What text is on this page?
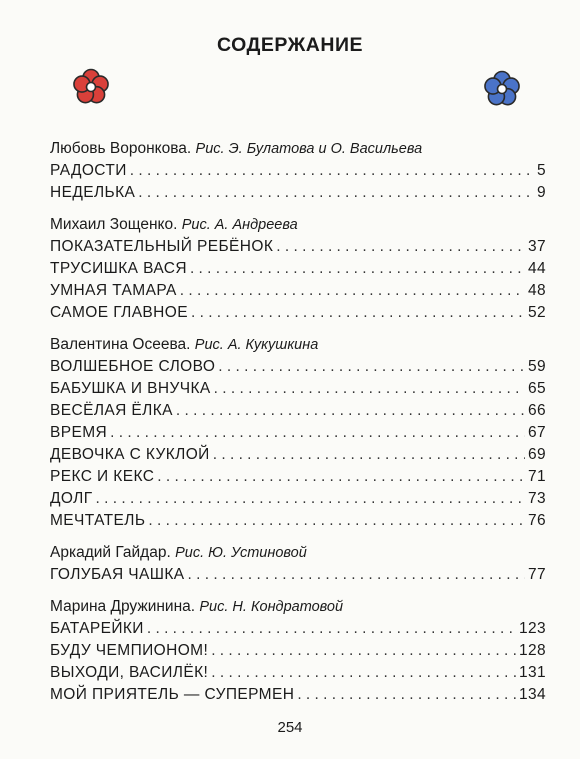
СОДЕРЖАНИЕ
Любовь Воронкова. Рис. Э. Булатова и О. Васильева
РАДОСТИ . . .	5
НЕДЕЛЬКА . . .	9
Михаил Зощенко. Рис. А. Андреева
ПОКАЗАТЕЛЬНЫЙ РЕБЁНОК . . .	37
ТРУСИШКА ВАСЯ . . .	44
УМНАЯ ТАМАРА . . .	48
САМОЕ ГЛАВНОЕ . . .	52
Валентина Осеева. Рис. А. Кукушкина
ВОЛШЕБНОЕ СЛОВО . . .	59
БАБУШКА И ВНУЧКА . . .	65
ВЕСЁЛАЯ ЁЛКА . . .	66
ВРЕМЯ . . .	67
ДЕВОЧКА С КУКЛОЙ . . .	69
РЕКС И КЕКС . . .	71
ДОЛГ . . .	73
МЕЧТАТЕЛЬ . . .	76
Аркадий Гайдар. Рис. Ю. Устиновой
ГОЛУБАЯ ЧАШКА . . .	77
Марина Дружинина. Рис. Н. Кондратовой
БАТАРЕЙКИ . . .	123
БУДУ ЧЕМПИОНОМ! . . .	128
ВЫХОДИ, ВАСИЛЁК! . . .	131
МОЙ ПРИЯТЕЛЬ — СУПЕРМЕН . . .	134
254
